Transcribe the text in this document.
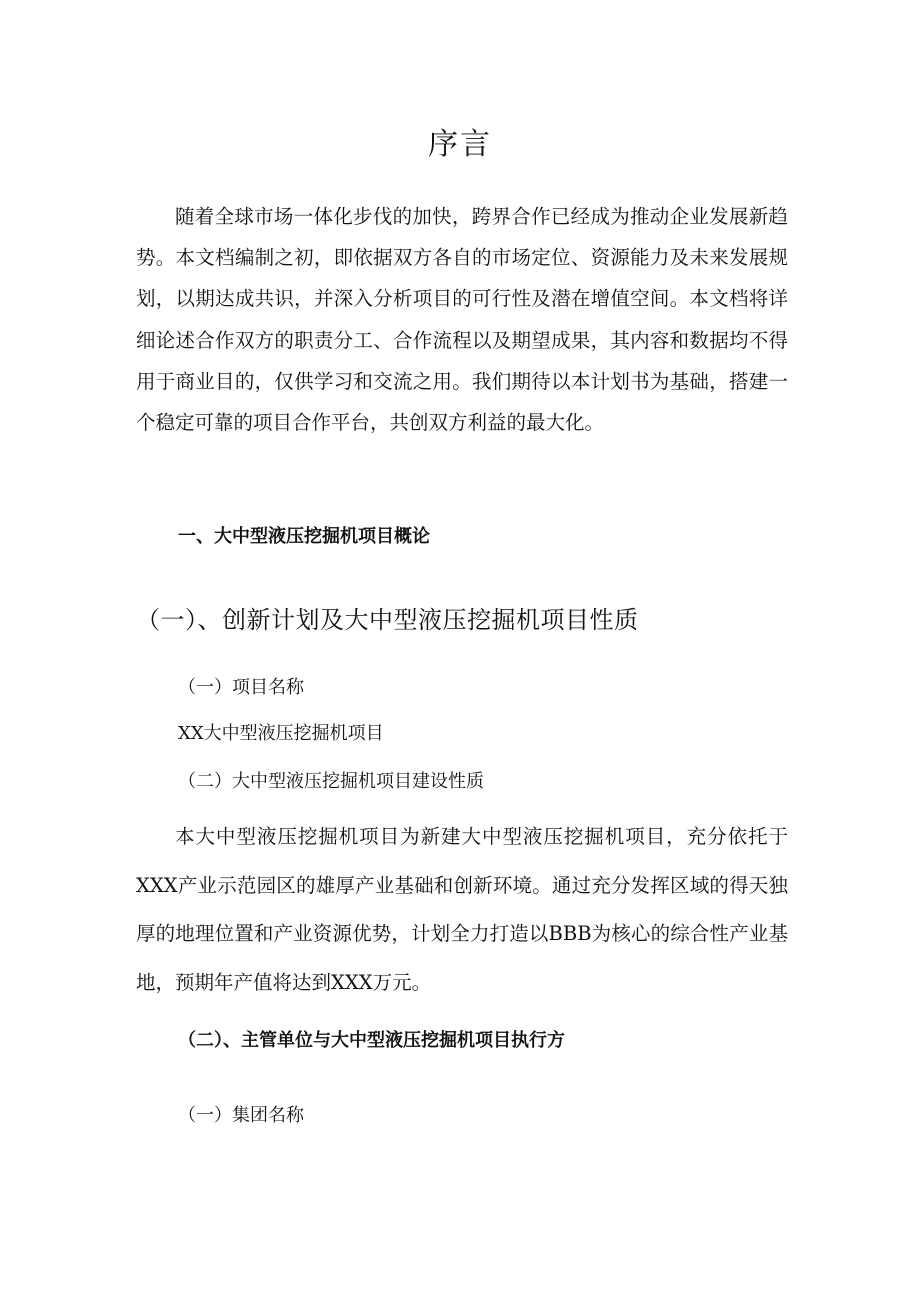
序言

随着全球市场一体化步伐的加快，跨界合作已经成为推动企业发展新趋势。本文档编制之初，即依据双方各自的市场定位、资源能力及未来发展规划，以期达成共识，并深入分析项目的可行性及潜在增值空间。本文档将详细论述合作双方的职责分工、合作流程以及期望成果，其内容和数据均不得用于商业目的，仅供学习和交流之用。我们期待以本计划书为基础，搭建一个稳定可靠的项目合作平台，共创双方利益的最大化。

一、大中型液压挖掘机项目概论

（一）、创新计划及大中型液压挖掘机项目性质

（一）项目名称

XX大中型液压挖掘机项目

（二）大中型液压挖掘机项目建设性质

本大中型液压挖掘机项目为新建大中型液压挖掘机项目，充分依托于XXX产业示范园区的雄厚产业基础和创新环境。通过充分发挥区域的得天独厚的地理位置和产业资源优势，计划全力打造以BBB为核心的综合性产业基地，预期年产值将达到XXX万元。

（二）、主管单位与大中型液压挖掘机项目执行方

（一）集团名称
